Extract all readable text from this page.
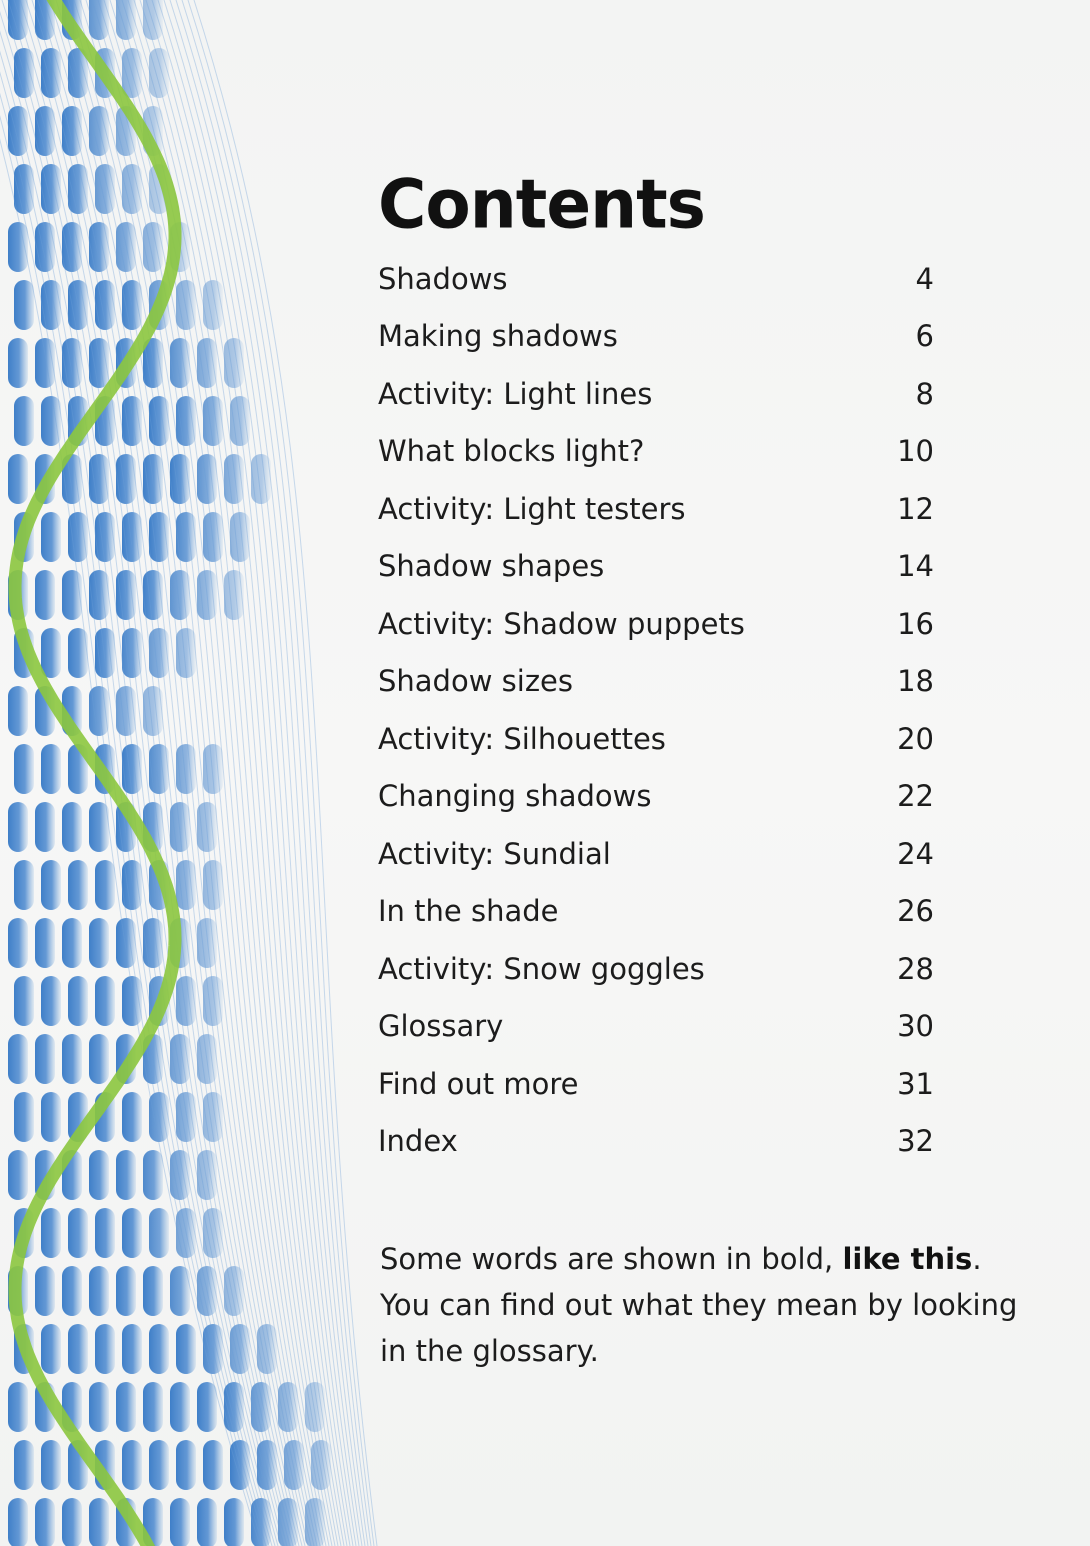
Contents
Shadows	4
Making shadows	6
Activity: Light lines	8
What blocks light?	10
Activity: Light testers	12
Shadow shapes	14
Activity: Shadow puppets	16
Shadow sizes	18
Activity: Silhouettes	20
Changing shadows	22
Activity: Sundial	24
In the shade	26
Activity: Snow goggles	28
Glossary	30
Find out more	31
Index	32

Some words are shown in bold, like this. You can find out what they mean by looking in the glossary.
